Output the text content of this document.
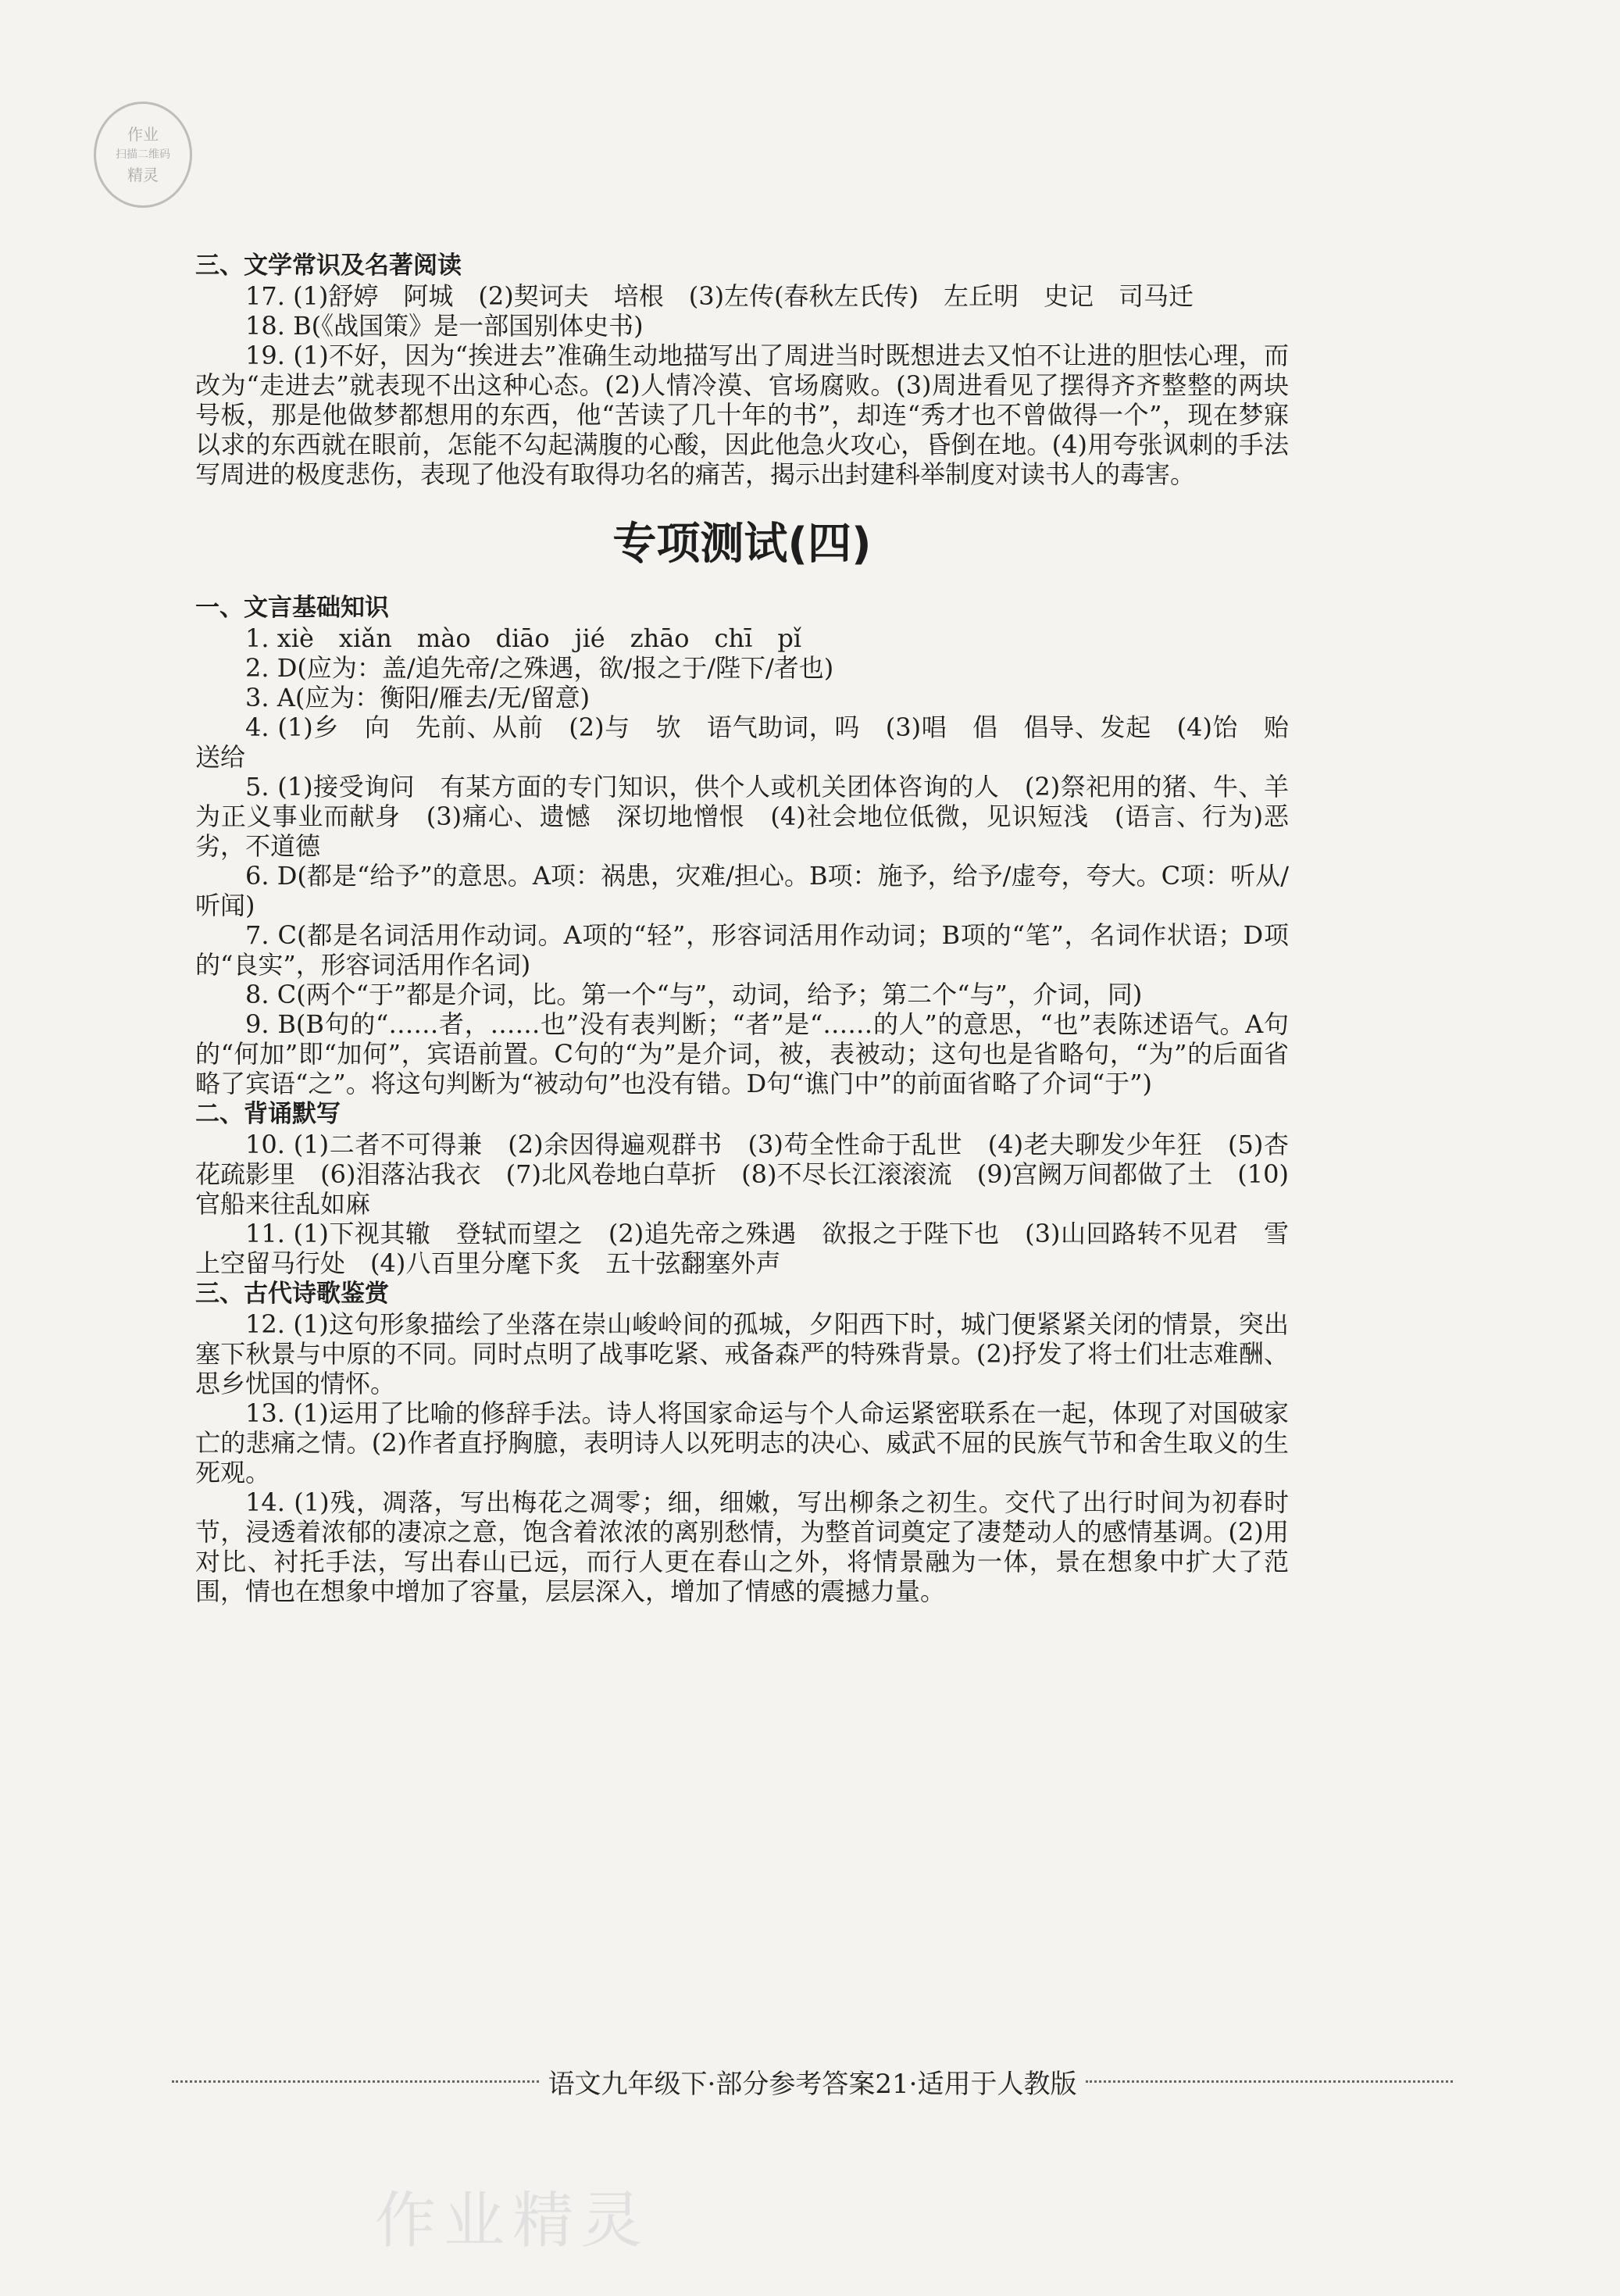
作业
扫描二维码
精灵
三、文学常识及名著阅读

17. (1)舒婷　阿城　(2)契诃夫　培根　(3)左传(春秋左氏传)　左丘明　史记　司马迁

18. B(《战国策》是一部国别体史书)

19. (1)不好，因为“挨进去”准确生动地描写出了周进当时既想进去又怕不让进的胆怯心理，而改为“走进去”就表现不出这种心态。(2)人情冷漠、官场腐败。(3)周进看见了摆得齐齐整整的两块号板，那是他做梦都想用的东西，他“苦读了几十年的书”，却连“秀才也不曾做得一个”，现在梦寐以求的东西就在眼前，怎能不勾起满腹的心酸，因此他急火攻心，昏倒在地。(4)用夸张讽刺的手法写周进的极度悲伤，表现了他没有取得功名的痛苦，揭示出封建科举制度对读书人的毒害。

专项测试(四)
一、文言基础知识

1. xiè　xiǎn　mào　diāo　jié　zhāo　chī　pǐ

2. D(应为：盖/追先帝/之殊遇，欲/报之于/陛下/者也)

3. A(应为：衡阳/雁去/无/留意)

4. (1)乡　向　先前、从前　(2)与　欤　语气助词，吗　(3)唱　倡　倡导、发起　(4)饴　贻　送给

5. (1)接受询问　有某方面的专门知识，供个人或机关团体咨询的人　(2)祭祀用的猪、牛、羊　为正义事业而献身　(3)痛心、遗憾　深切地憎恨　(4)社会地位低微，见识短浅　(语言、行为)恶劣，不道德

6. D(都是“给予”的意思。A项：祸患，灾难/担心。B项：施予，给予/虚夸，夸大。C项：听从/听闻)

7. C(都是名词活用作动词。A项的“轻”，形容词活用作动词；B项的“笔”，名词作状语；D项的“良实”，形容词活用作名词)

8. C(两个“于”都是介词，比。第一个“与”，动词，给予；第二个“与”，介词，同)

9. B(B句的“……者，……也”没有表判断；“者”是“……的人”的意思，“也”表陈述语气。A句的“何加”即“加何”，宾语前置。C句的“为”是介词，被，表被动；这句也是省略句，“为”的后面省略了宾语“之”。将这句判断为“被动句”也没有错。D句“谯门中”的前面省略了介词“于”)

二、背诵默写

10. (1)二者不可得兼　(2)余因得遍观群书　(3)苟全性命于乱世　(4)老夫聊发少年狂　(5)杏花疏影里　(6)泪落沾我衣　(7)北风卷地白草折　(8)不尽长江滚滚流　(9)宫阙万间都做了土　(10)官船来往乱如麻

11. (1)下视其辙　登轼而望之　(2)追先帝之殊遇　欲报之于陛下也　(3)山回路转不见君　雪上空留马行处　(4)八百里分麾下炙　五十弦翻塞外声

三、古代诗歌鉴赏

12. (1)这句形象描绘了坐落在崇山峻岭间的孤城，夕阳西下时，城门便紧紧关闭的情景，突出塞下秋景与中原的不同。同时点明了战事吃紧、戒备森严的特殊背景。(2)抒发了将士们壮志难酬、思乡忧国的情怀。

13. (1)运用了比喻的修辞手法。诗人将国家命运与个人命运紧密联系在一起，体现了对国破家亡的悲痛之情。(2)作者直抒胸臆，表明诗人以死明志的决心、威武不屈的民族气节和舍生取义的生死观。

14. (1)残，凋落，写出梅花之凋零；细，细嫩，写出柳条之初生。交代了出行时间为初春时节，浸透着浓郁的凄凉之意，饱含着浓浓的离别愁情，为整首词奠定了凄楚动人的感情基调。(2)用对比、衬托手法，写出春山已远，而行人更在春山之外，将情景融为一体，景在想象中扩大了范围，情也在想象中增加了容量，层层深入，增加了情感的震撼力量。

语文九年级下·部分参考答案21·适用于人教版
作业精灵
